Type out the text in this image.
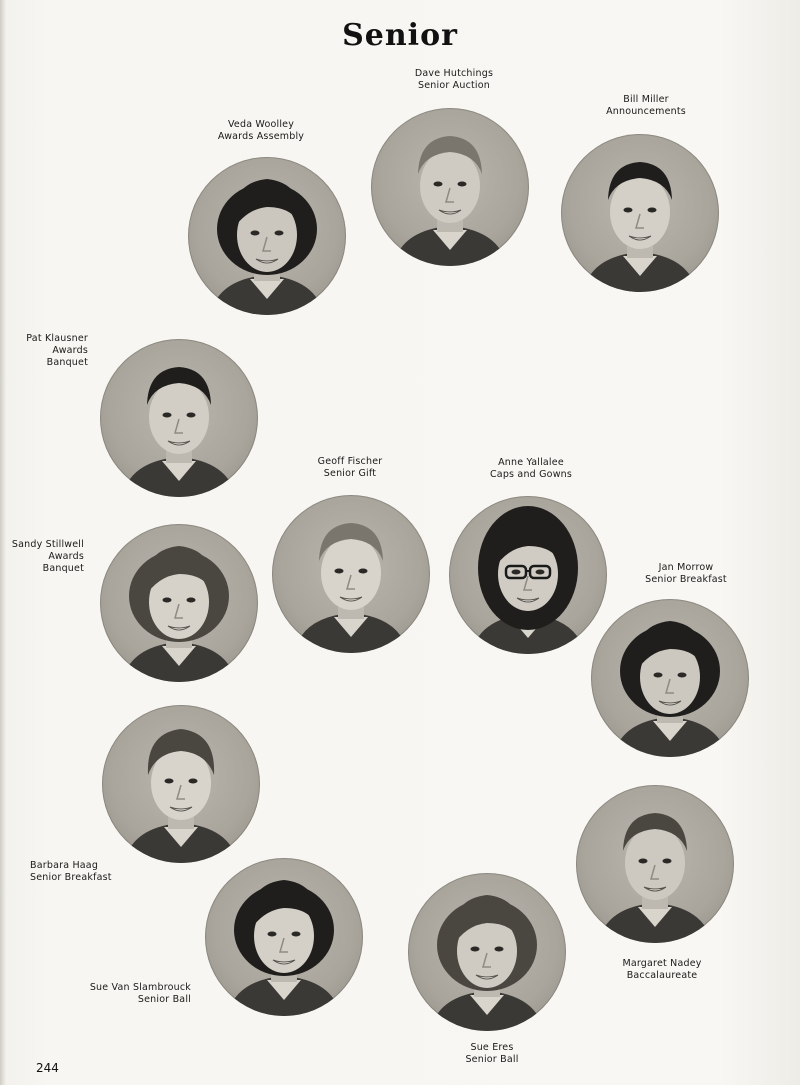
Senior
Dave Hutchings
Senior Auction
Bill Miller
Announcements
Veda Woolley
Awards Assembly
Pat Klausner
Awards
Banquet
Geoff Fischer
Senior Gift
Anne Yallalee
Caps and Gowns
Sandy Stillwell
Awards
Banquet	Jan Morrow
Senior Breakfast
Barbara Haag
Senior Breakfast
Margaret Nadey
Baccalaureate
Sue Van Slambrouck
Senior Ball
Sue Eres
Senior Ball
244
